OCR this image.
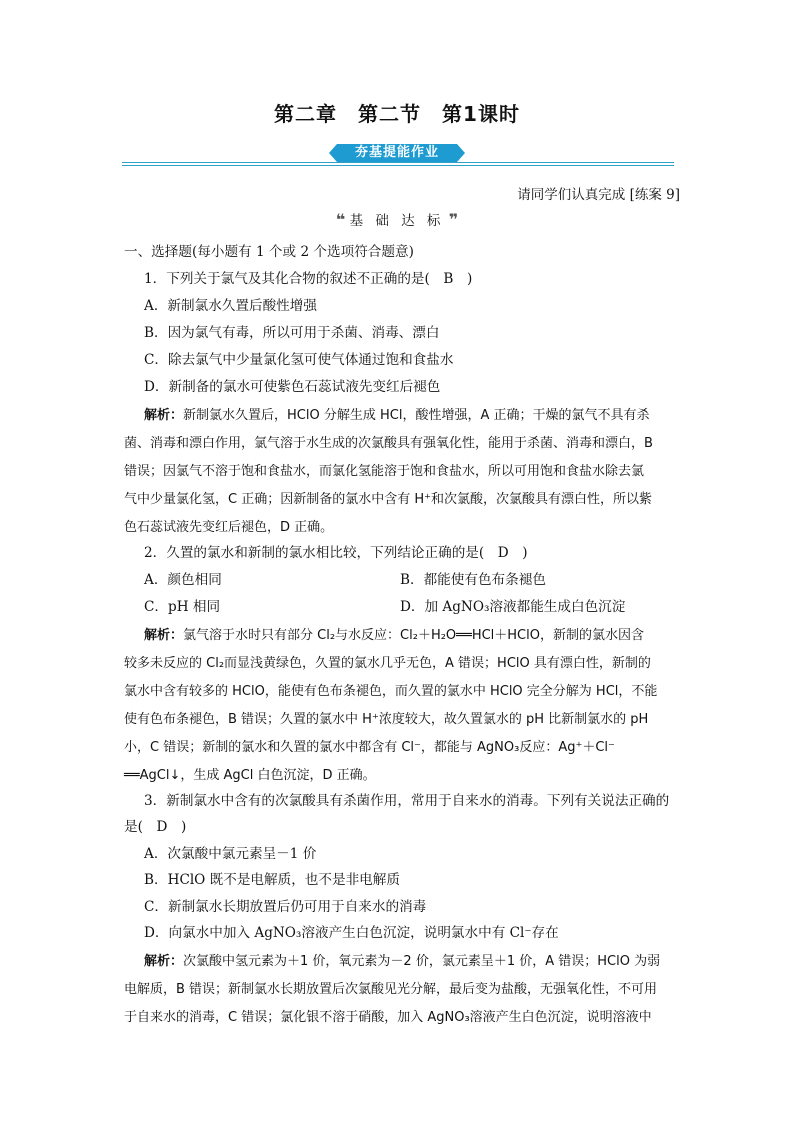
第二章　第二节　第1课时
夯基提能作业
请同学们认真完成 [练案 9]
❝ 基 础 达 标 ❞
一、选择题(每小题有 1 个或 2 个选项符合题意)
1．下列关于氯气及其化合物的叙述不正确的是(　B　)
A．新制氯水久置后酸性增强
B．因为氯气有毒，所以可用于杀菌、消毒、漂白
C．除去氯气中少量氯化氢可使气体通过饱和食盐水
D．新制备的氯水可使紫色石蕊试液先变红后褪色
解析：新制氯水久置后，HClO 分解生成 HCl，酸性增强，A 正确；干燥的氯气不具有杀
菌、消毒和漂白作用，氯气溶于水生成的次氯酸具有强氧化性，能用于杀菌、消毒和漂白，B
错误；因氯气不溶于饱和食盐水，而氯化氢能溶于饱和食盐水，所以可用饱和食盐水除去氯
气中少量氯化氢，C 正确；因新制备的氯水中含有 H⁺和次氯酸，次氯酸具有漂白性，所以紫
色石蕊试液先变红后褪色，D 正确。
2．久置的氯水和新制的氯水相比较，下列结论正确的是(　D　)
A．颜色相同	B．都能使有色布条褪色
C．pH 相同	D．加 AgNO₃溶液都能生成白色沉淀
解析：氯气溶于水时只有部分 Cl₂与水反应：Cl₂＋H₂O══HCl＋HClO，新制的氯水因含
较多未反应的 Cl₂而显浅黄绿色，久置的氯水几乎无色，A 错误；HClO 具有漂白性，新制的
氯水中含有较多的 HClO，能使有色布条褪色，而久置的氯水中 HClO 完全分解为 HCl，不能
使有色布条褪色，B 错误；久置的氯水中 H⁺浓度较大，故久置氯水的 pH 比新制氯水的 pH
小，C 错误；新制的氯水和久置的氯水中都含有 Cl⁻，都能与 AgNO₃反应：Ag⁺＋Cl⁻
══AgCl↓，生成 AgCl 白色沉淀，D 正确。
3．新制氯水中含有的次氯酸具有杀菌作用，常用于自来水的消毒。下列有关说法正确的
是(　D　)
A．次氯酸中氯元素呈－1 价
B．HClO 既不是电解质，也不是非电解质
C．新制氯水长期放置后仍可用于自来水的消毒
D．向氯水中加入 AgNO₃溶液产生白色沉淀，说明氯水中有 Cl⁻存在
解析：次氯酸中氢元素为＋1 价，氧元素为－2 价，氯元素呈＋1 价，A 错误；HClO 为弱
电解质，B 错误；新制氯水长期放置后次氯酸见光分解，最后变为盐酸，无强氧化性，不可用
于自来水的消毒，C 错误；氯化银不溶于硝酸，加入 AgNO₃溶液产生白色沉淀，说明溶液中
